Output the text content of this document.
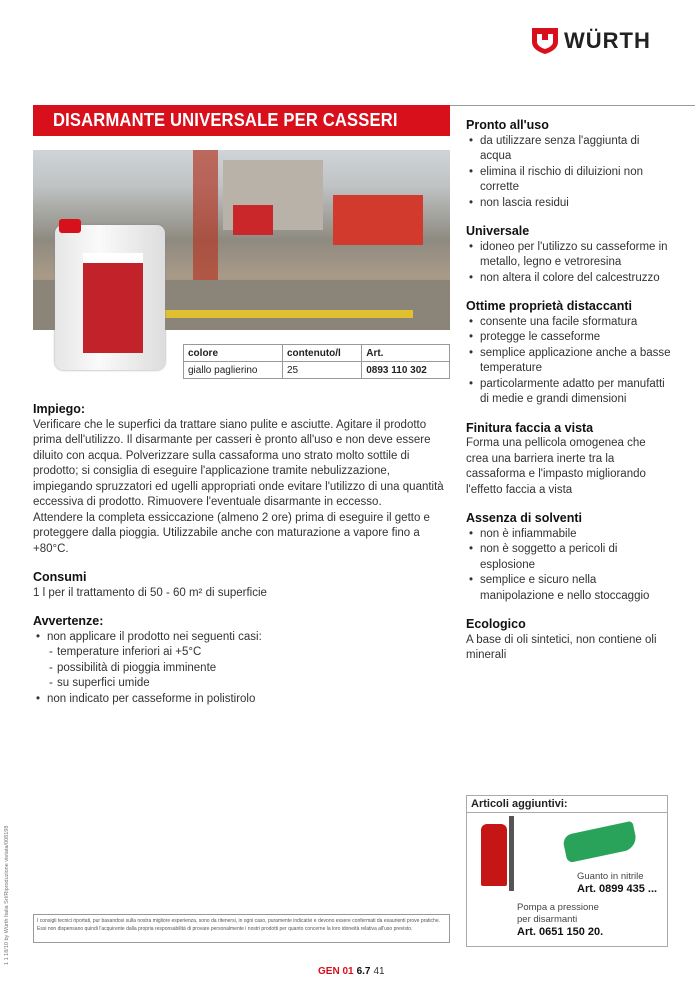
WÜRTH
DISARMANTE UNIVERSALE PER CASSERI
colore	contenuto/l	Art.
giallo paglierino	25	0893 110 302
Impiego:

Verificare che le superfici da trattare siano pulite e asciutte. Agitare il prodotto prima dell'utilizzo. Il disarmante per casseri è pronto all'uso e non deve essere diluito con acqua. Polverizzare sulla cassaforma uno strato molto sottile di prodotto; si consiglia di eseguire l'applicazione tramite nebulizzazione, impiegando spruzzatori ed ugelli appropriati onde evitare l'utilizzo di una quantità eccessiva di prodotto. Rimuovere l'eventuale disarmante in eccesso.

Attendere la completa essiccazione (almeno 2 ore) prima di eseguire il getto e proteggere dalla pioggia. Utilizzabile anche con maturazione a vapore fino a +80°C.

Consumi

1 l per il trattamento di 50 - 60 m² di superficie

Avvertenze:
• non applicare il prodotto nei seguenti casi:
- temperature inferiori ai +5°C
- possibilità di pioggia imminente
- su superfici umide
• non indicato per casseforme in polistirolo
Pronto all'uso
• da utilizzare senza l'aggiunta di acqua
• elimina il rischio di diluizioni non corrette
• non lascia residui
Universale
• idoneo per l'utilizzo su casseforme in metallo, legno e vetroresina
• non altera il colore del calcestruzzo
Ottime proprietà distaccanti
• consente una facile sformatura
• protegge le casseforme
• semplice applicazione anche a basse temperature
• particolarmente adatto per manufatti di medie e grandi dimensioni
Finitura faccia a vista

Forma una pellicola omogenea che crea una barriera inerte tra la cassaforma e l'impasto migliorando l'effetto faccia a vista

Assenza di solventi
• non è infiammabile
• non è soggetto a pericoli di esplosione
• semplice e sicuro nella manipolazione e nello stoccaggio
Ecologico

A base di oli sintetici, non contiene oli minerali

Articoli aggiuntivi:
Guanto in nitrile
Art. 0899 435 ...
Pompa a pressione
per disarmanti
Art. 0651 150 20.
I consigli tecnici riportati, pur basandosi sulla nostra migliore esperienza, sono da ritenersi, in ogni caso, puramente indicativi e devono essere confermati da esaurienti prove pratiche. Essi non dispensano quindi l'acquirente dalla propria responsabilità di provare personalmente i nostri prodotti per quanto concerne la loro idoneità relativa all'uso previsto.
1 1 18/10 by Würth Italia Srl/Riproduzione vietata/008198
GEN 01 6.7 41
